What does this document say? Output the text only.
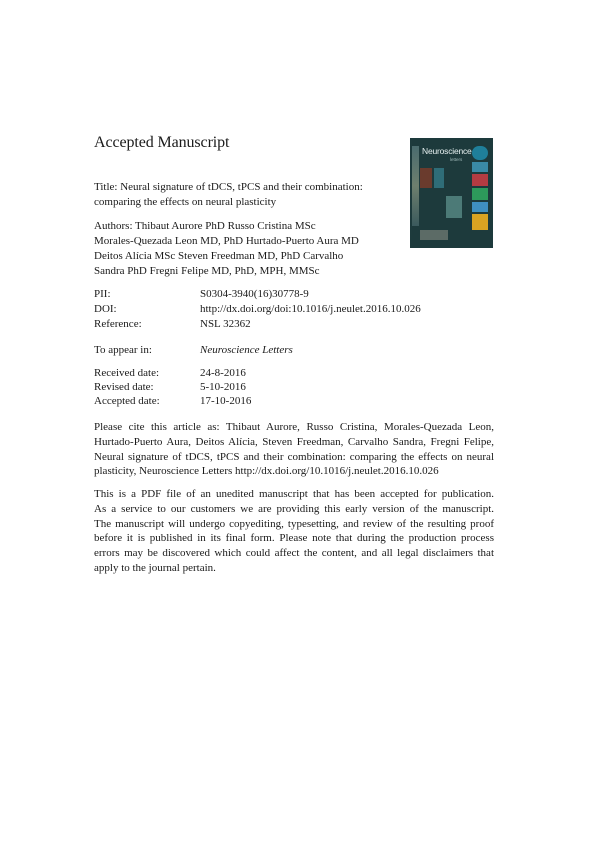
Accepted Manuscript	Neuroscience
letters
Title: Neural signature of tDCS, tPCS and their combination:
comparing the effects on neural plasticity
Authors: Thibaut Aurore PhD Russo Cristina MSc
Morales-Quezada Leon MD, PhD Hurtado-Puerto Aura MD
Deitos Alícia MSc Steven Freedman MD, PhD Carvalho
Sandra PhD Fregni Felipe MD, PhD, MPH, MMSc
PII:	S0304-3940(16)30778-9
DOI:	http://dx.doi.org/doi:10.1016/j.neulet.2016.10.026
Reference:	NSL 32362
To appear in:	Neuroscience Letters
Received date:	24-8-2016
Revised date:	5-10-2016
Accepted date:	17-10-2016
Please cite this article as: Thibaut Aurore, Russo Cristina, Morales-Quezada Leon,
Hurtado-Puerto Aura, Deitos Alícia, Steven Freedman, Carvalho Sandra, Fregni Felipe,
Neural signature of tDCS, tPCS and their combination: comparing the effects on neural
plasticity, Neuroscience Letters http://dx.doi.org/10.1016/j.neulet.2016.10.026
This is a PDF file of an unedited manuscript that has been accepted for publication.
As a service to our customers we are providing this early version of the manuscript.
The manuscript will undergo copyediting, typesetting, and review of the resulting proof
before it is published in its final form. Please note that during the production process
errors may be discovered which could affect the content, and all legal disclaimers that
apply to the journal pertain.
